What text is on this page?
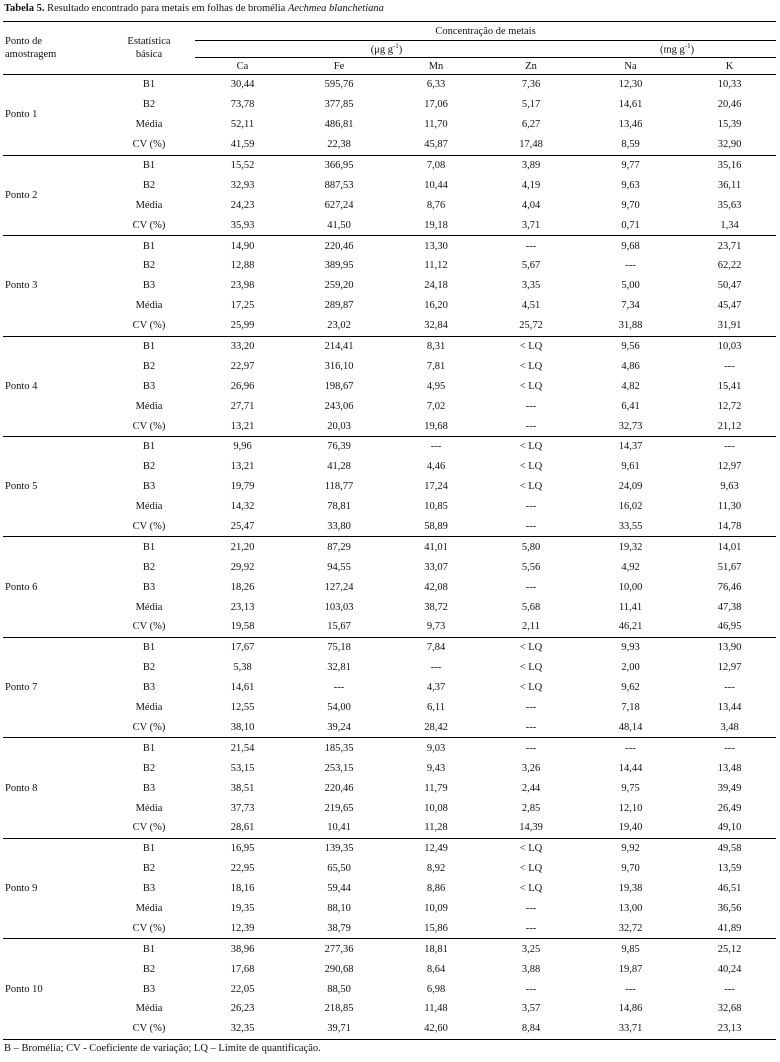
Tabela 5. Resultado encontrado para metais em folhas de bromélia Aechmea blanchetiana
Ponto de
amostragem	Estatística
básica	Concentração de metais					
		(μg $g^{-1}$)				(mg $g^{-1}$)	
		Ca	Fe	Mn	Zn	Na	K
Ponto 1	B1	30,44	595,76	6,33	7,36	12,30	10,33
	B2	73,78	377,85	17,06	5,17	14,61	20,46
	Média	52,11	486,81	11,70	6,27	13,46	15,39
	CV (%)	41,59	22,38	45,87	17,48	8,59	32,90
Ponto 2	B1	15,52	366,95	7,08	3,89	9,77	35,16
	B2	32,93	887,53	10,44	4,19	9,63	36,11
	Média	24,23	627,24	8,76	4,04	9,70	35,63
	CV (%)	35,93	41,50	19,18	3,71	0,71	1,34
Ponto 3	B1	14,90	220,46	13,30	---	9,68	23,71
	B2	12,88	389,95	11,12	5,67	---	62,22
	B3	23,98	259,20	24,18	3,35	5,00	50,47
	Média	17,25	289,87	16,20	4,51	7,34	45,47
	CV (%)	25,99	23,02	32,84	25,72	31,88	31,91
Ponto 4	B1	33,20	214,41	8,31	< LQ	9,56	10,03
	B2	22,97	316,10	7,81	< LQ	4,86	---
	B3	26,96	198,67	4,95	< LQ	4,82	15,41
	Média	27,71	243,06	7,02	---	6,41	12,72
	CV (%)	13,21	20,03	19,68	---	32,73	21,12
Ponto 5	B1	9,96	76,39	---	< LQ	14,37	---
	B2	13,21	41,28	4,46	< LQ	9,61	12,97
	B3	19,79	118,77	17,24	< LQ	24,09	9,63
	Média	14,32	78,81	10,85	---	16,02	11,30
	CV (%)	25,47	33,80	58,89	---	33,55	14,78
Ponto 6	B1	21,20	87,29	41,01	5,80	19,32	14,01
	B2	29,92	94,55	33,07	5,56	4,92	51,67
	B3	18,26	127,24	42,08	---	10,00	76,46
	Média	23,13	103,03	38,72	5,68	11,41	47,38
	CV (%)	19,58	15,67	9,73	2,11	46,21	46,95
Ponto 7	B1	17,67	75,18	7,84	< LQ	9,93	13,90
	B2	5,38	32,81	---	< LQ	2,00	12,97
	B3	14,61	---	4,37	< LQ	9,62	---
	Média	12,55	54,00	6,11	---	7,18	13,44
	CV (%)	38,10	39,24	28,42	---	48,14	3,48
Ponto 8	B1	21,54	185,35	9,03	---	---	---
	B2	53,15	253,15	9,43	3,26	14,44	13,48
	B3	38,51	220,46	11,79	2,44	9,75	39,49
	Média	37,73	219,65	10,08	2,85	12,10	26,49
	CV (%)	28,61	10,41	11,28	14,39	19,40	49,10
Ponto 9	B1	16,95	139,35	12,49	< LQ	9,92	49,58
	B2	22,95	65,50	8,92	< LQ	9,70	13,59
	B3	18,16	59,44	8,86	< LQ	19,38	46,51
	Média	19,35	88,10	10,09	---	13,00	36,56
	CV (%)	12,39	38,79	15,86	---	32,72	41,89
Ponto 10	B1	38,96	277,36	18,81	3,25	9,85	25,12
	B2	17,68	290,68	8,64	3,88	19,87	40,24
	B3	22,05	88,50	6,98	---	---	---
	Média	26,23	218,85	11,48	3,57	14,86	32,68
	CV (%)	32,35	39,71	42,60	8,84	33,71	23,13
B – Bromélia; CV - Coeficiente de variação; LQ – Limite de quantificação.
